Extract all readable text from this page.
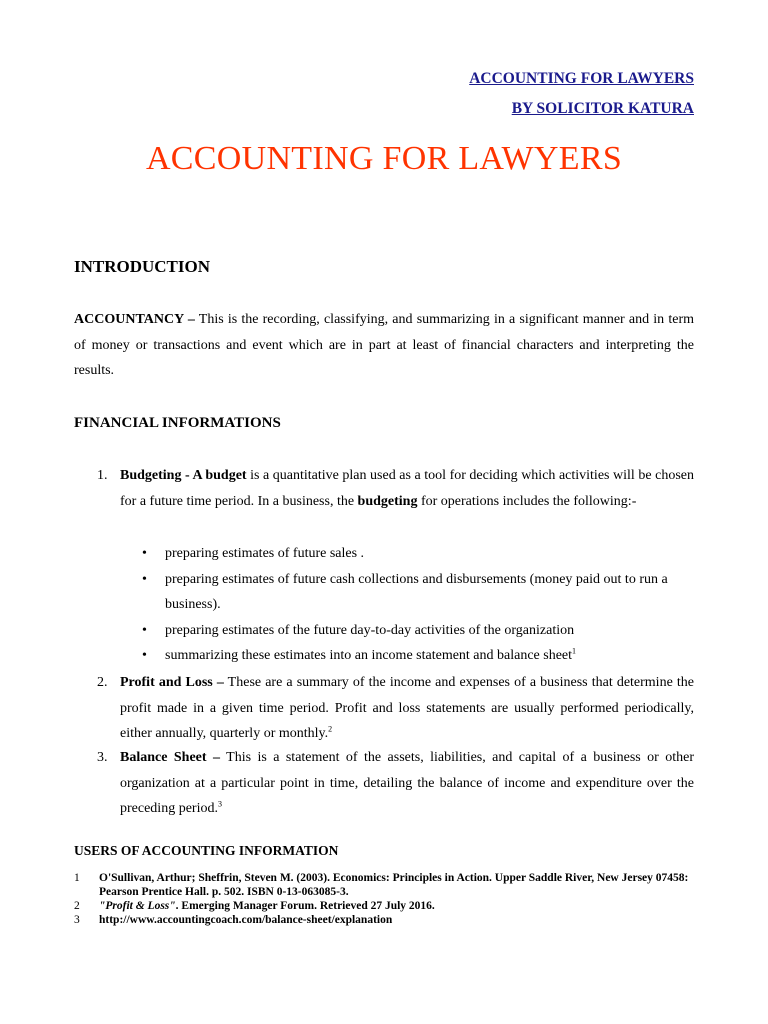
ACCOUNTING FOR LAWYERS
BY SOLICITOR KATURA
ACCOUNTING FOR LAWYERS
INTRODUCTION
ACCOUNTANCY – This is the recording, classifying, and summarizing in a significant manner and in term of money or transactions and event which are in part at least of financial characters and interpreting the results.
FINANCIAL INFORMATIONS
1. Budgeting - A budget is a quantitative plan used as a tool for deciding which activities will be chosen for a future time period. In a business, the budgeting for operations includes the following:-
• preparing estimates of future sales .
• preparing estimates of future cash collections and disbursements (money paid out to run a business).
• preparing estimates of the future day-to-day activities of the organization
• summarizing these estimates into an income statement and balance sheet$^1$
2. Profit and Loss – These are a summary of the income and expenses of a business that determine the profit made in a given time period. Profit and loss statements are usually performed periodically, either annually, quarterly or monthly.$^2$
3. Balance Sheet – This is a statement of the assets, liabilities, and capital of a business or other organization at a particular point in time, detailing the balance of income and expenditure over the preceding period.$^3$
USERS OF ACCOUNTING INFORMATION
1 O'Sullivan, Arthur; Sheffrin, Steven M. (2003). Economics: Principles in Action. Upper Saddle River, New Jersey 07458: Pearson Prentice Hall. p. 502. ISBN 0-13-063085-3.
2 "Profit & Loss". Emerging Manager Forum. Retrieved 27 July 2016.
3 http://www.accountingcoach.com/balance-sheet/explanation
